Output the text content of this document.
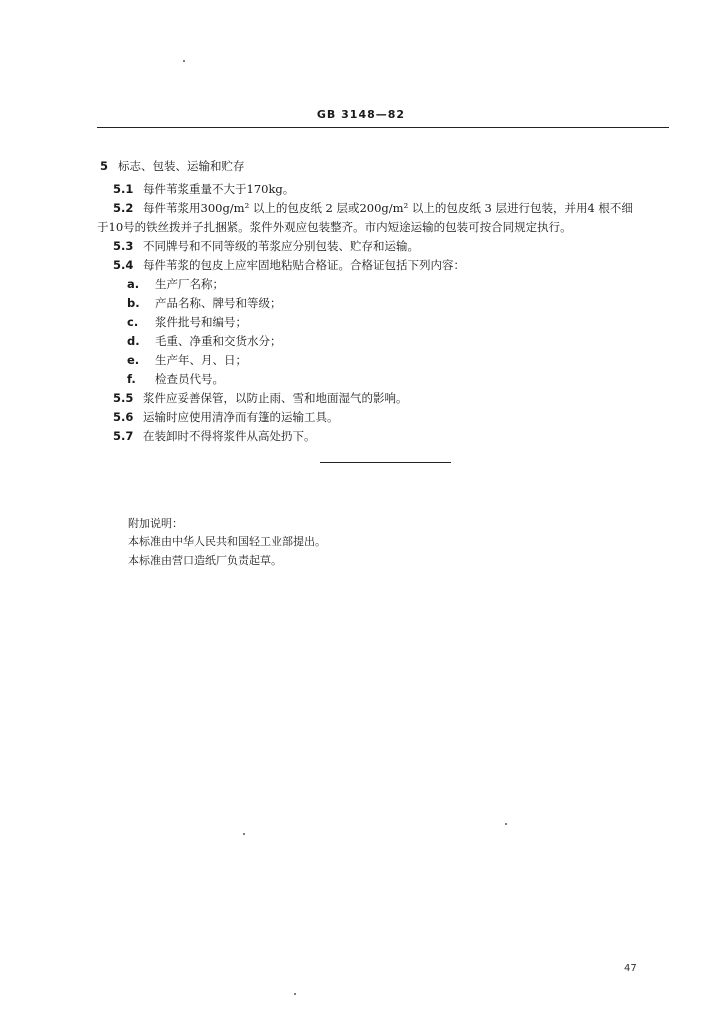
GB 3148—82
5 标志、包装、运输和贮存
5.1 每件苇浆重量不大于170kg。
5.2 每件苇浆用300g/m² 以上的包皮纸 2 层或200g/m² 以上的包皮纸 3 层进行包装，并用4 根不细
于10号的铁丝拨并子扎捆紧。浆件外观应包装整齐。市内短途运输的包装可按合同规定执行。
5.3 不同牌号和不同等级的苇浆应分别包装、贮存和运输。
5.4 每件苇浆的包皮上应牢固地粘贴合格证。合格证包括下列内容：
a. 生产厂名称；
b. 产品名称、牌号和等级；
c. 浆件批号和编号；
d. 毛重、净重和交货水分；
e. 生产年、月、日；
f. 检查员代号。
5.5 浆件应妥善保管，以防止雨、雪和地面湿气的影响。
5.6 运输时应使用清净而有篷的运输工具。
5.7 在装卸时不得将浆件从高处扔下。
附加说明：
本标准由中华人民共和国轻工业部提出。
本标准由营口造纸厂负责起草。
47
